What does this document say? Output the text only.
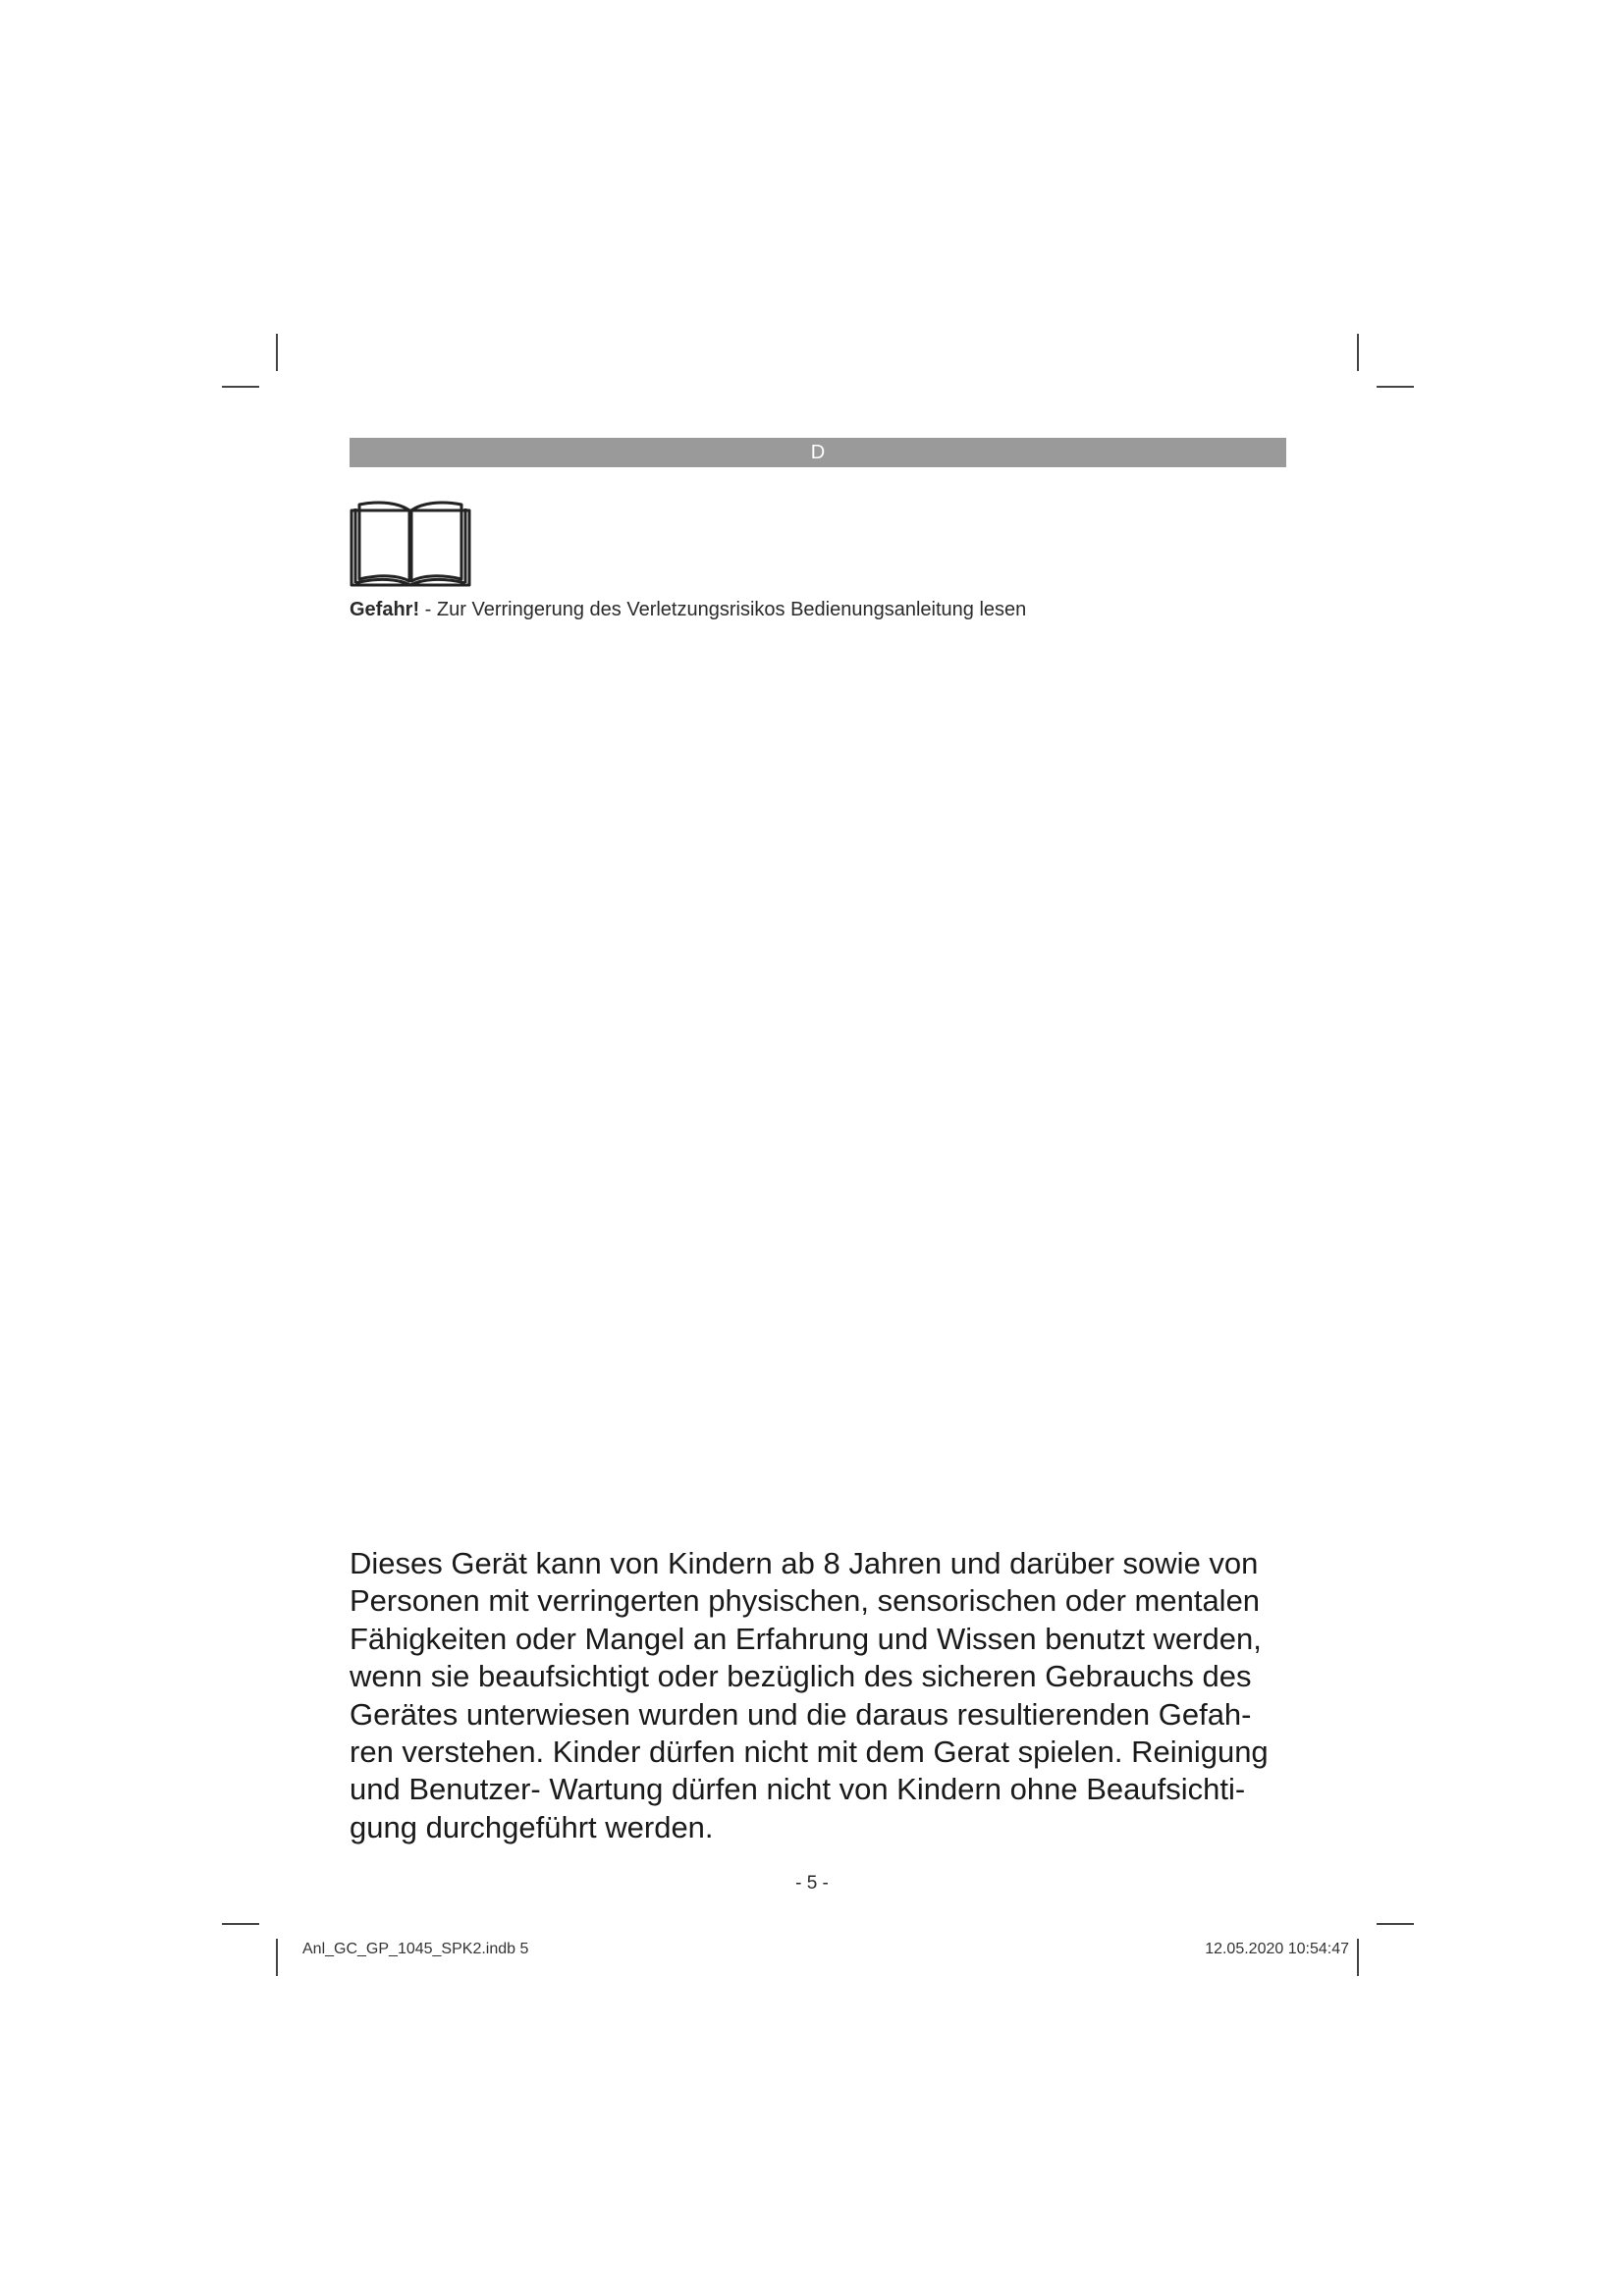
D
Gefahr! - Zur Verringerung des Verletzungsrisikos Bedienungsanleitung lesen
Dieses Gerät kann von Kindern ab 8 Jahren und darüber sowie von
Personen mit verringerten physischen, sensorischen oder mentalen
Fähigkeiten oder Mangel an Erfahrung und Wissen benutzt werden,
wenn sie beaufsichtigt oder bezüglich des sicheren Gebrauchs des
Gerätes unterwiesen wurden und die daraus resultierenden Gefah-
ren verstehen. Kinder dürfen nicht mit dem Gerat spielen. Reinigung
und Benutzer- Wartung dürfen nicht von Kindern ohne Beaufsichti-
gung durchgeführt werden.
- 5 -
Anl_GC_GP_1045_SPK2.indb 5	12.05.2020 10:54:47
